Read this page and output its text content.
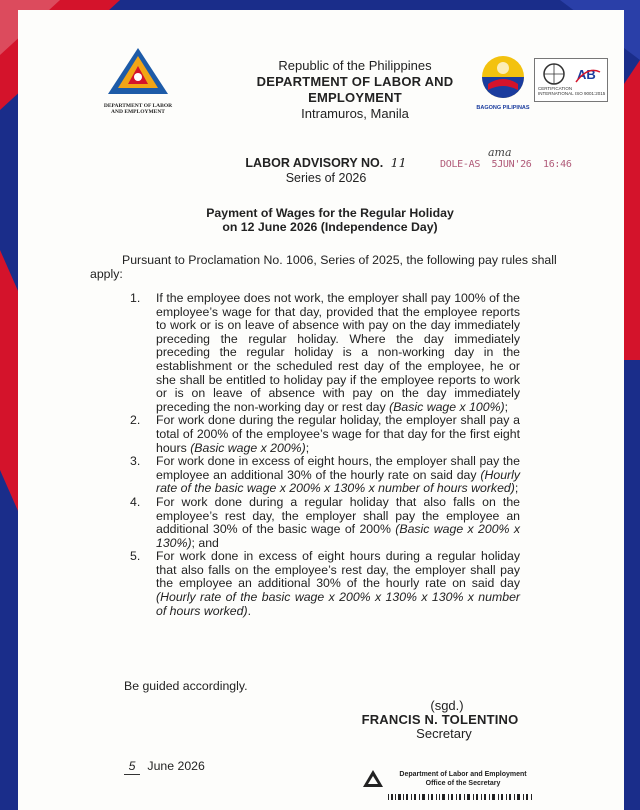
DEPARTMENT OF LABOR
AND EMPLOYMENT
Republic of the Philippines
DEPARTMENT OF LABOR AND EMPLOYMENT
Intramuros, Manila	BAGONG PILIPINAS
AB
CERTIFICATION
INTERNATIONAL ISO 9001:2015
LABOR ADVISORY NO. 11
Series of 2026
ama
DOLE-AS  5JUN'26  16:46
Payment of Wages for the Regular Holiday
on 12 June 2026 (Independence Day)
Pursuant to Proclamation No. 1006, Series of 2025, the following pay rules shall
apply:
1. If the employee does not work, the employer shall pay 100% of the employee’s wage for that day, provided that the employee reports to work or is on leave of absence with pay on the day immediately preceding the regular holiday. Where the day immediately preceding the regular holiday is a non-working day in the establishment or the scheduled rest day of the employee, he or she shall be entitled to holiday pay if the employee reports to work or is on leave of absence with pay on the day immediately preceding the non-working day or rest day (Basic wage x 100%);
2. For work done during the regular holiday, the employer shall pay a total of 200% of the employee’s wage for that day for the first eight hours (Basic wage x 200%);
3. For work done in excess of eight hours, the employer shall pay the employee an additional 30% of the hourly rate on said day (Hourly rate of the basic wage x 200% x 130% x number of hours worked);
4. For work done during a regular holiday that also falls on the employee’s rest day, the employer shall pay the employee an additional 30% of the basic wage of 200% (Basic wage x 200% x 130%); and
5. For work done in excess of eight hours during a regular holiday that also falls on the employee’s rest day, the employer shall pay the employee an additional 30% of the hourly rate on said day (Hourly rate of the basic wage x 200% x 130% x 130% x number of hours worked).
Be guided accordingly.
(sgd.)
FRANCIS N. TOLENTINO
Secretary
5 June 2026
Department of Labor and Employment
Office of the Secretary
